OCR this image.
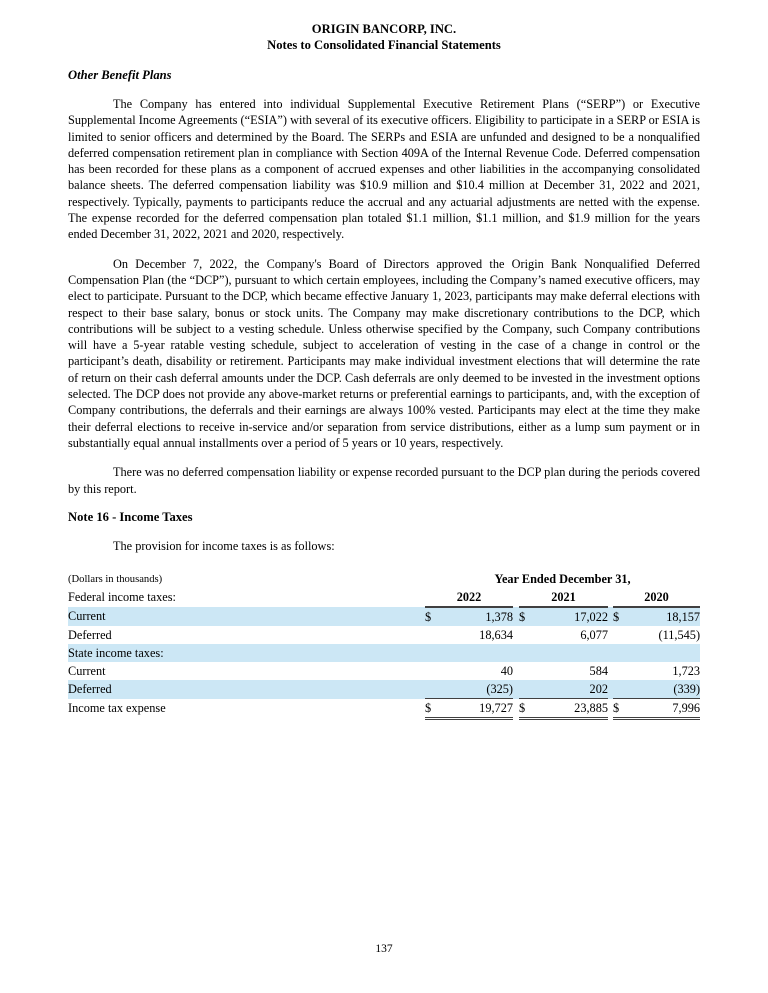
ORIGIN BANCORP, INC.
Notes to Consolidated Financial Statements
Other Benefit Plans

The Company has entered into individual Supplemental Executive Retirement Plans (“SERP”) or Executive Supplemental Income Agreements (“ESIA”) with several of its executive officers. Eligibility to participate in a SERP or ESIA is limited to senior officers and determined by the Board. The SERPs and ESIA are unfunded and designed to be a nonqualified deferred compensation retirement plan in compliance with Section 409A of the Internal Revenue Code. Deferred compensation has been recorded for these plans as a component of accrued expenses and other liabilities in the accompanying consolidated balance sheets. The deferred compensation liability was $10.9 million and $10.4 million at December 31, 2022 and 2021, respectively. Typically, payments to participants reduce the accrual and any actuarial adjustments are netted with the expense. The expense recorded for the deferred compensation plan totaled $1.1 million, $1.1 million, and $1.9 million for the years ended December 31, 2022, 2021 and 2020, respectively.

On December 7, 2022, the Company's Board of Directors approved the Origin Bank Nonqualified Deferred Compensation Plan (the “DCP”), pursuant to which certain employees, including the Company’s named executive officers, may elect to participate. Pursuant to the DCP, which became effective January 1, 2023, participants may make deferral elections with respect to their base salary, bonus or stock units. The Company may make discretionary contributions to the DCP, which contributions will be subject to a vesting schedule. Unless otherwise specified by the Company, such Company contributions will have a 5-year ratable vesting schedule, subject to acceleration of vesting in the case of a change in control or the participant’s death, disability or retirement. Participants may make individual investment elections that will determine the rate of return on their cash deferral amounts under the DCP. Cash deferrals are only deemed to be invested in the investment options selected. The DCP does not provide any above-market returns or preferential earnings to participants, and, with the exception of Company contributions, the deferrals and their earnings are always 100% vested. Participants may elect at the time they make their deferral elections to receive in-service and/or separation from service distributions, either as a lump sum payment or in substantially equal annual installments over a period of 5 years or 10 years, respectively.

There was no deferred compensation liability or expense recorded pursuant to the DCP plan during the periods covered by this report.

Note 16 - Income Taxes

The provision for income taxes is as follows:

(Dollars in thousands)	Year Ended December 31,							
Federal income taxes:	2022			2021			2020	
Current	$	1,378		$	17,022		$	18,157
Deferred		18,634			6,077			(11,545)
State income taxes:								
Current		40			584			1,723
Deferred		(325)			202			(339)
Income tax expense	$	19,727		$	23,885		$	7,996
137
